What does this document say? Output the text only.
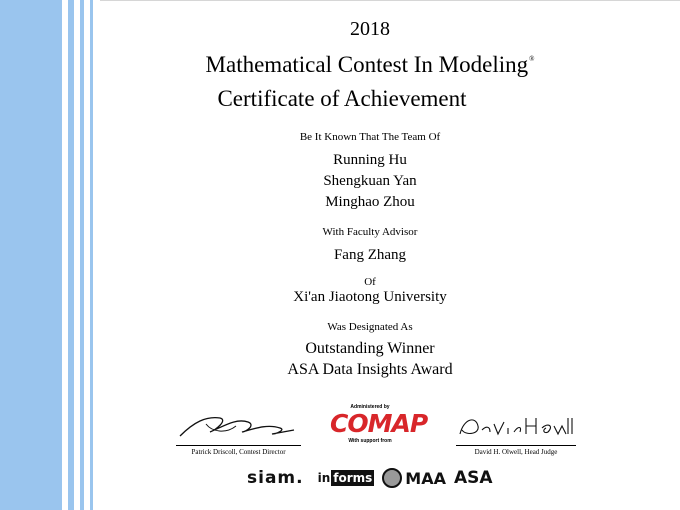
2018
Mathematical Contest In Modeling®
Certificate of Achievement
Be It Known That The Team Of
Running Hu
Shengkuan Yan
Minghao Zhou
With Faculty Advisor
Fang Zhang
Of
Xi'an Jiaotong University
Was Designated As
Outstanding Winner
ASA Data Insights Award
Patrick Driscoll, Contest Director
Administered by
COMAP
With support from
David H. Olwell, Head Judge
siam. in forms MAA ASA
